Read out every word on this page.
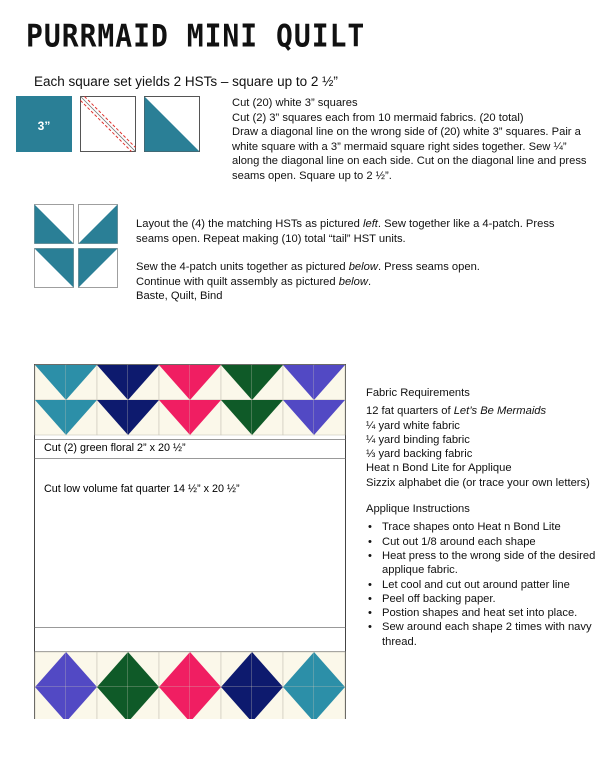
PURRMAID MINI QUILT
Each square set yields 2 HSTs – square up to 2 ½”
3”

Cut (20) white 3” squares

Cut (2) 3” squares each from 10 mermaid fabrics. (20 total)

Draw a diagonal line on the wrong side of (20) white 3” squares. Pair a white square with a 3” mermaid square right sides together. Sew ¼” along the diagonal line on each side. Cut on the diagonal line and press seams open. Square up to 2 ½”.

Layout the (4) the matching HSTs as pictured left. Sew together like a 4-patch. Press seams open. Repeat making (10) total “tail” HST units.

Sew the 4-patch units together as pictured below. Press seams open.

Continue with quilt assembly as pictured below.

Baste, Quilt, Bind

Cut (2) green floral 2” x 20 ½”
Cut low volume fat quarter 14 ½” x 20 ½”
Fabric Requirements
12 fat quarters of Let’s Be Mermaids
¼ yard white fabric
¼ yard binding fabric
⅓ yard backing fabric
Heat n Bond Lite for Applique
Sizzix alphabet die (or trace your own letters)
Applique Instructions
• Trace shapes onto Heat n Bond Lite
• Cut out 1/8 around each shape
• Heat press to the wrong side of the desired applique fabric.
• Let cool and cut out around patter line
• Peel off backing paper.
• Postion shapes and heat set into place.
• Sew around each shape 2 times with navy thread.
